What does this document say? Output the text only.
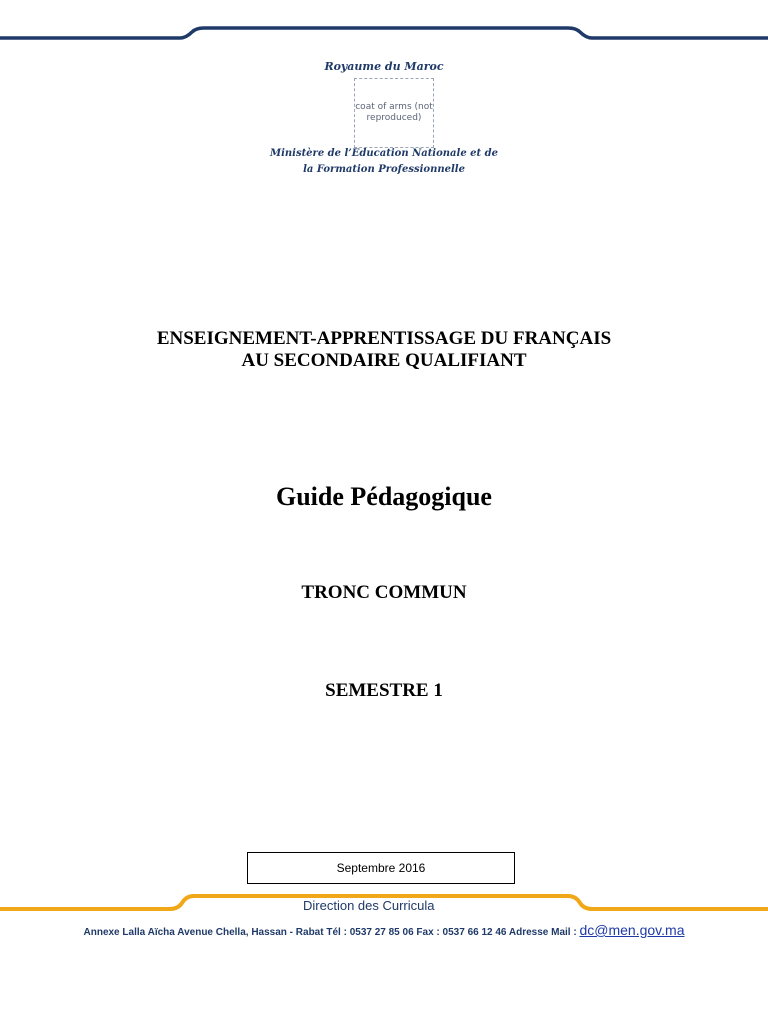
Royaume du Maroc
coat of arms (not reproduced)
Ministère de l’Education Nationale et de
la Formation Professionnelle
ENSEIGNEMENT-APPRENTISSAGE DU FRANÇAIS
AU SECONDAIRE QUALIFIANT
Guide Pédagogique
TRONC COMMUN
SEMESTRE 1
Septembre 2016
0	Direction des Curricula
Annexe Lalla Aïcha Avenue Chella, Hassan - Rabat Tél : 0537 27 85 06 Fax : 0537 66 12 46 Adresse Mail : dc@men.gov.ma
